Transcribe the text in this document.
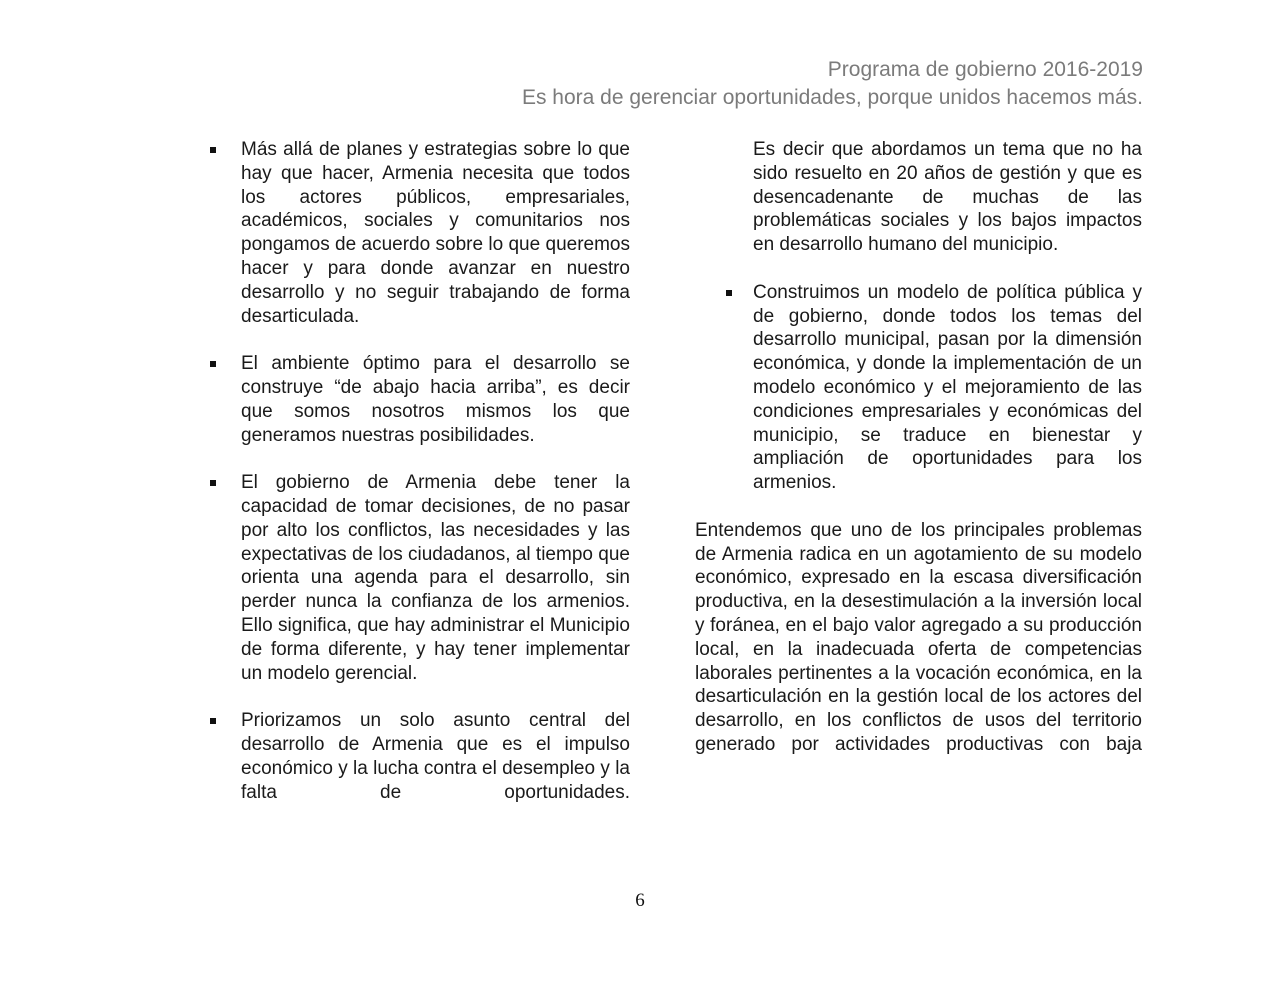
Programa de gobierno 2016-2019
Es hora de gerenciar oportunidades, porque unidos hacemos más.
Más allá de planes y estrategias sobre lo que hay que hacer, Armenia necesita que todos los actores públicos, empresariales, académicos, sociales y comunitarios nos pongamos de acuerdo sobre lo que queremos hacer y para donde avanzar en nuestro desarrollo y no seguir trabajando de forma desarticulada.
El ambiente óptimo para el desarrollo se construye “de abajo hacia arriba”, es decir que somos nosotros mismos los que generamos nuestras posibilidades.
El gobierno de Armenia debe tener la capacidad de tomar decisiones, de no pasar por alto los conflictos, las necesidades y las expectativas de los ciudadanos, al tiempo que orienta una agenda para el desarrollo, sin perder nunca la confianza de los armenios. Ello significa, que hay administrar el Municipio de forma diferente, y hay tener implementar un modelo gerencial.
Priorizamos un solo asunto central del desarrollo de Armenia que es el impulso económico y la lucha contra el desempleo y la falta de oportunidades.
Es decir que abordamos un tema que no ha sido resuelto en 20 años de gestión y que es desencadenante de muchas de las problemáticas sociales y los bajos impactos en desarrollo humano del municipio.
Construimos un modelo de política pública y de gobierno, donde todos los temas del desarrollo municipal, pasan por la dimensión económica, y donde la implementación de un modelo económico y el mejoramiento de las condiciones empresariales y económicas del municipio, se traduce en bienestar y ampliación de oportunidades para los armenios.

Entendemos que uno de los principales problemas de Armenia radica en un agotamiento de su modelo económico, expresado en la escasa diversificación productiva, en la desestimulación a la inversión local y foránea, en el bajo valor agregado a su producción local, en la inadecuada oferta de competencias laborales pertinentes a la vocación económica, en la desarticulación en la gestión local de los actores del desarrollo, en los conflictos de usos del territorio generado por actividades productivas con baja

6
